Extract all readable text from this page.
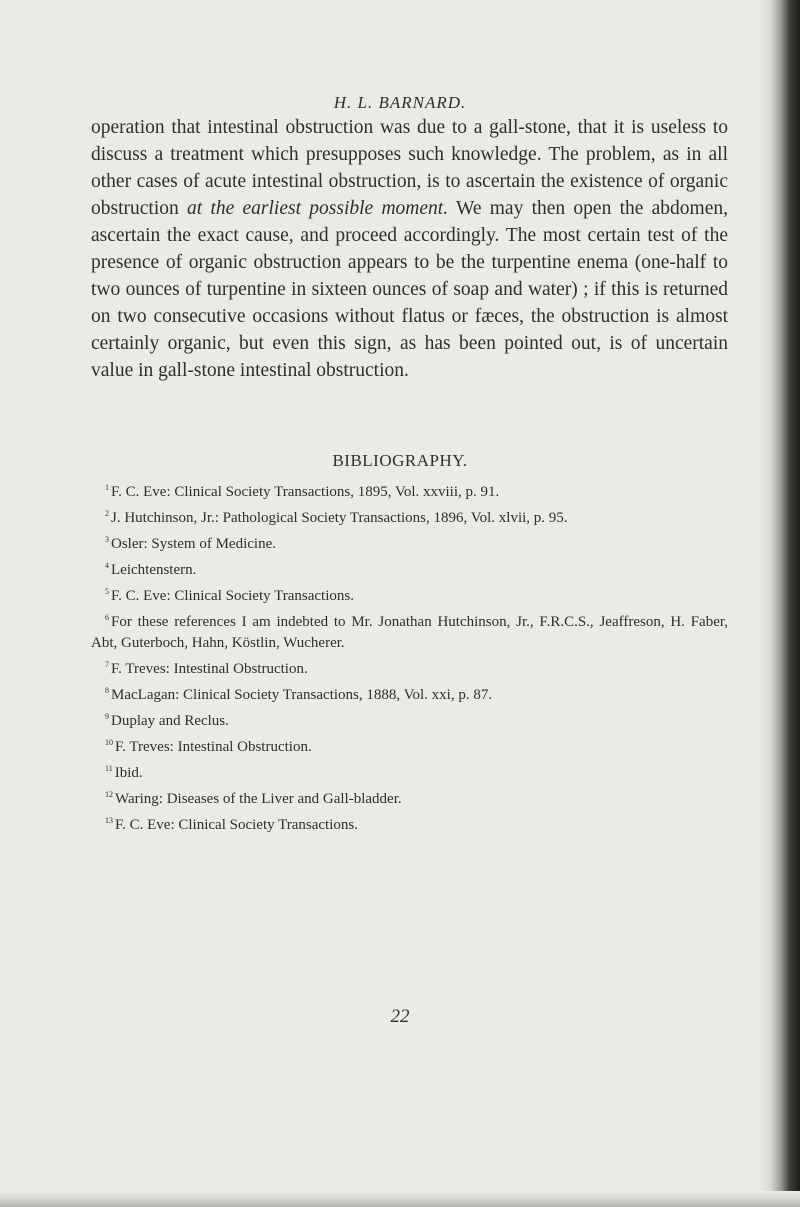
H. L. BARNARD.

operation that intestinal obstruction was due to a gall-stone, that it is useless to discuss a treatment which presupposes such knowledge. The problem, as in all other cases of acute intestinal obstruction, is to ascertain the existence of organic obstruction at the earliest possible moment. We may then open the abdomen, ascertain the exact cause, and proceed accordingly. The most certain test of the presence of organic obstruction appears to be the turpentine enema (one-half to two ounces of turpentine in sixteen ounces of soap and water) ; if this is returned on two consecutive occasions without flatus or fæces, the obstruction is almost certainly organic, but even this sign, as has been pointed out, is of uncertain value in gall-stone intestinal obstruction.

BIBLIOGRAPHY.
$^1$ F. C. Eve: Clinical Society Transactions, 1895, Vol. xxviii, p. 91.
$^2$ J. Hutchinson, Jr.: Pathological Society Transactions, 1896, Vol. xlvii, p. 95.
$^3$ Osler: System of Medicine.
$^4$ Leichtenstern.
$^5$ F. C. Eve: Clinical Society Transactions.
$^6$ For these references I am indebted to Mr. Jonathan Hutchinson, Jr., F.R.C.S., Jeaffreson, H. Faber, Abt, Guterboch, Hahn, Köstlin, Wucherer.
$^7$ F. Treves: Intestinal Obstruction.
$^8$ MacLagan: Clinical Society Transactions, 1888, Vol. xxi, p. 87.
$^9$ Duplay and Reclus.
$^{10}$ F. Treves: Intestinal Obstruction.
$^{11}$ Ibid.
$^{12}$ Waring: Diseases of the Liver and Gall-bladder.
$^{13}$ F. C. Eve: Clinical Society Transactions.
22
